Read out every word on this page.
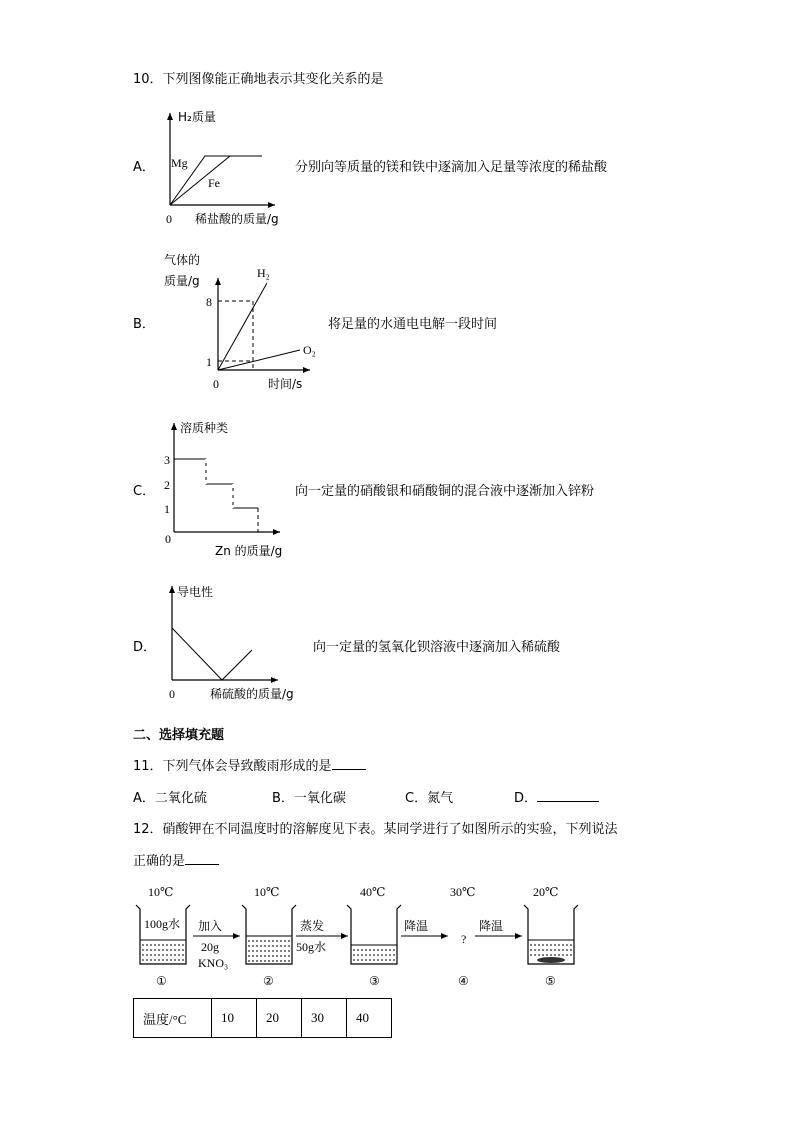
10．下列图像能正确地表示其变化关系的是
A．
H₂质量
Mg
Fe
0 稀盐酸的质量/g
分别向等质量的镁和铁中逐滴加入足量等浓度的稀盐酸
B．
气体的
质量/g
8
1
H₂
O₂
0	时间/s
将足量的水通电电解一段时间
C．
溶质种类
3
2
1
0
Zn 的质量/g
向一定量的硝酸银和硝酸铜的混合液中逐渐加入锌粉
D．
导电性
0	稀硫酸的质量/g
向一定量的氢氧化钡溶液中逐滴加入稀硫酸
二、选择填充题
11．下列气体会导致酸雨形成的是
A．二氧化硫	B．一氧化碳	C．氮气	D．
12．硝酸钾在不同温度时的溶解度见下表。某同学进行了如图所示的实验，下列说法
正确的是
10℃	10℃	40℃	30℃	20℃
100g水 加入
20g
KNO₃
蒸发
50g水
降温
?
降温
①	②	③	④	⑤
温度/°C	10	20	30	40
